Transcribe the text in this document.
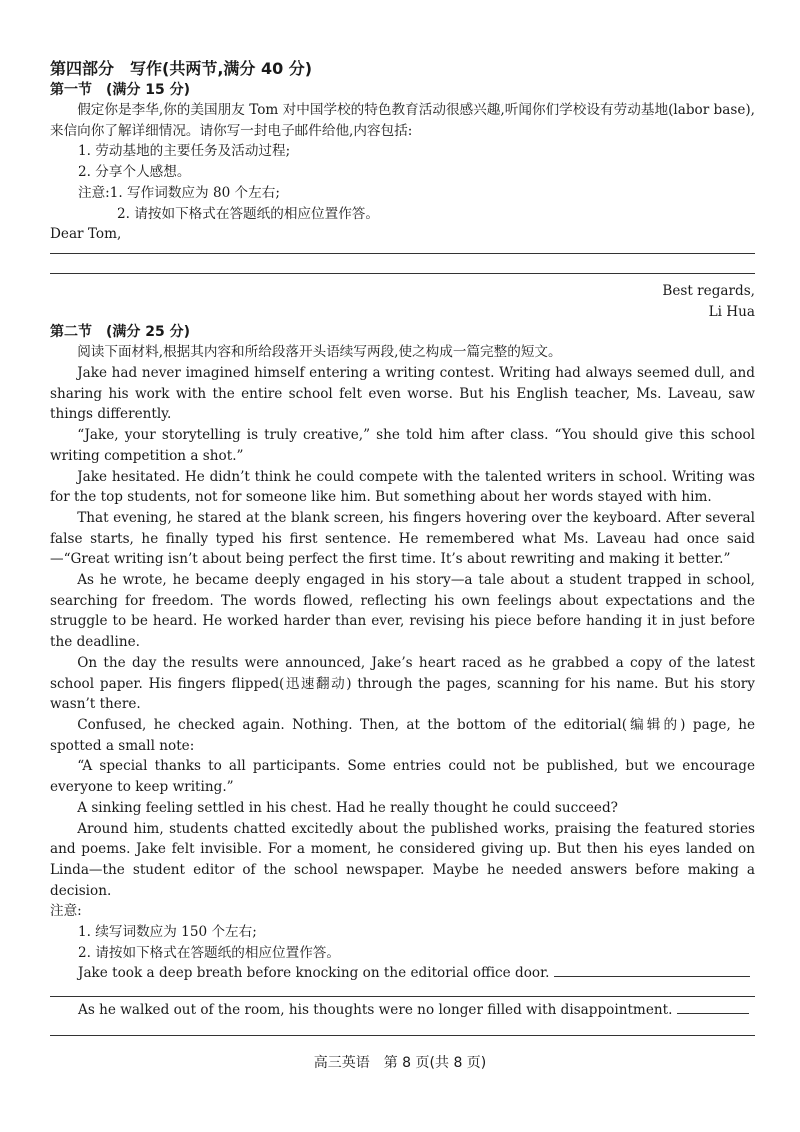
第四部分　写作(共两节,满分 40 分)
第一节　(满分 15 分)

假定你是李华,你的美国朋友 Tom 对中国学校的特色教育活动很感兴趣,听闻你们学校设有劳动基地(labor base),来信向你了解详细情况。请你写一封电子邮件给他,内容包括:

1. 劳动基地的主要任务及活动过程;

2. 分享个人感想。

注意:1. 写作词数应为 80 个左右;

2. 请按如下格式在答题纸的相应位置作答。

Dear Tom,

Best regards,

Li Hua

第二节　(满分 25 分)

阅读下面材料,根据其内容和所给段落开头语续写两段,使之构成一篇完整的短文。

Jake had never imagined himself entering a writing contest. Writing had always seemed dull, and sharing his work with the entire school felt even worse. But his English teacher, Ms. Laveau, saw things differently.

“Jake, your storytelling is truly creative,” she told him after class. “You should give this school writing competition a shot.”

Jake hesitated. He didn’t think he could compete with the talented writers in school. Writing was for the top students, not for someone like him. But something about her words stayed with him.

That evening, he stared at the blank screen, his fingers hovering over the keyboard. After several false starts, he finally typed his first sentence. He remembered what Ms. Laveau had once said—“Great writing isn’t about being perfect the first time. It’s about rewriting and making it better.”

As he wrote, he became deeply engaged in his story—a tale about a student trapped in school, searching for freedom. The words flowed, reflecting his own feelings about expectations and the struggle to be heard. He worked harder than ever, revising his piece before handing it in just before the deadline.

On the day the results were announced, Jake’s heart raced as he grabbed a copy of the latest school paper. His fingers flipped(迅速翻动) through the pages, scanning for his name. But his story wasn’t there.

Confused, he checked again. Nothing. Then, at the bottom of the editorial(编辑的) page, he spotted a small note:

“A special thanks to all participants. Some entries could not be published, but we encourage everyone to keep writing.”

A sinking feeling settled in his chest. Had he really thought he could succeed?

Around him, students chatted excitedly about the published works, praising the featured stories and poems. Jake felt invisible. For a moment, he considered giving up. But then his eyes landed on Linda—the student editor of the school newspaper. Maybe he needed answers before making a decision.

注意:

1. 续写词数应为 150 个左右;

2. 请按如下格式在答题纸的相应位置作答。

Jake took a deep breath before knocking on the editorial office door.

As he walked out of the room, his thoughts were no longer filled with disappointment.

高三英语　第 8 页(共 8 页)
